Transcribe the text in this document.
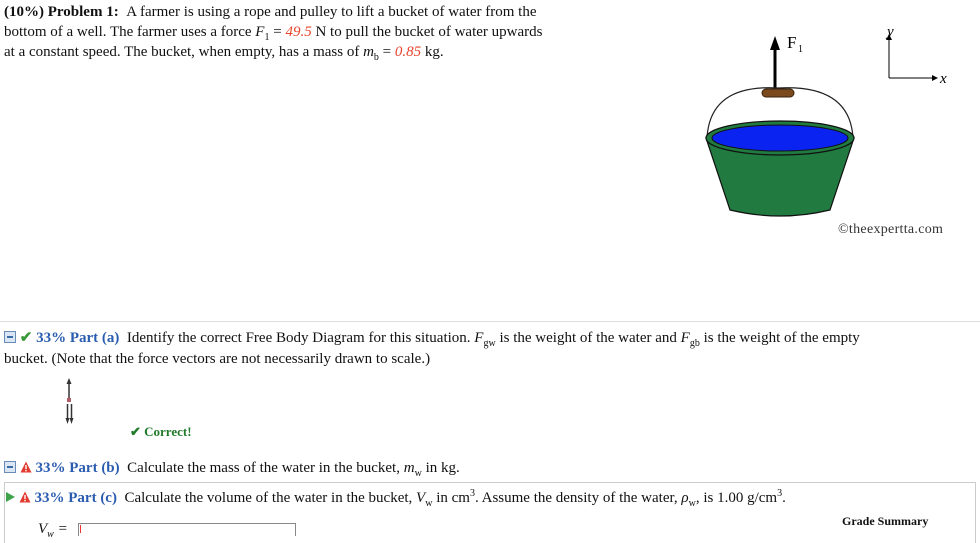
(10%) Problem 1: A farmer is using a rope and pulley to lift a bucket of water from the
bottom of a well. The farmer uses a force $F_1 = 49.5$ N to pull the bucket of water upwards
at a constant speed. The bucket, when empty, has a mass of $m_b = 0.85$ kg.	F 1
y
x
©theexpertta.com
✔ 33% Part (a) Identify the correct Free Body Diagram for this situation. $F_{gw}$ is the weight of the water and $F_{gb}$ is the weight of the empty
bucket. (Note that the force vectors are not necessarily drawn to scale.)
✔ Correct!
33% Part (b) Calculate the mass of the water in the bucket, $m_w$ in kg.
33% Part (c) Calculate the volume of the water in the bucket, $V_w$ in $cm^3$. Assume the density of the water, $\rho_w$, is 1.00 $g/cm^3$.
Grade Summary
$V_w$ =
